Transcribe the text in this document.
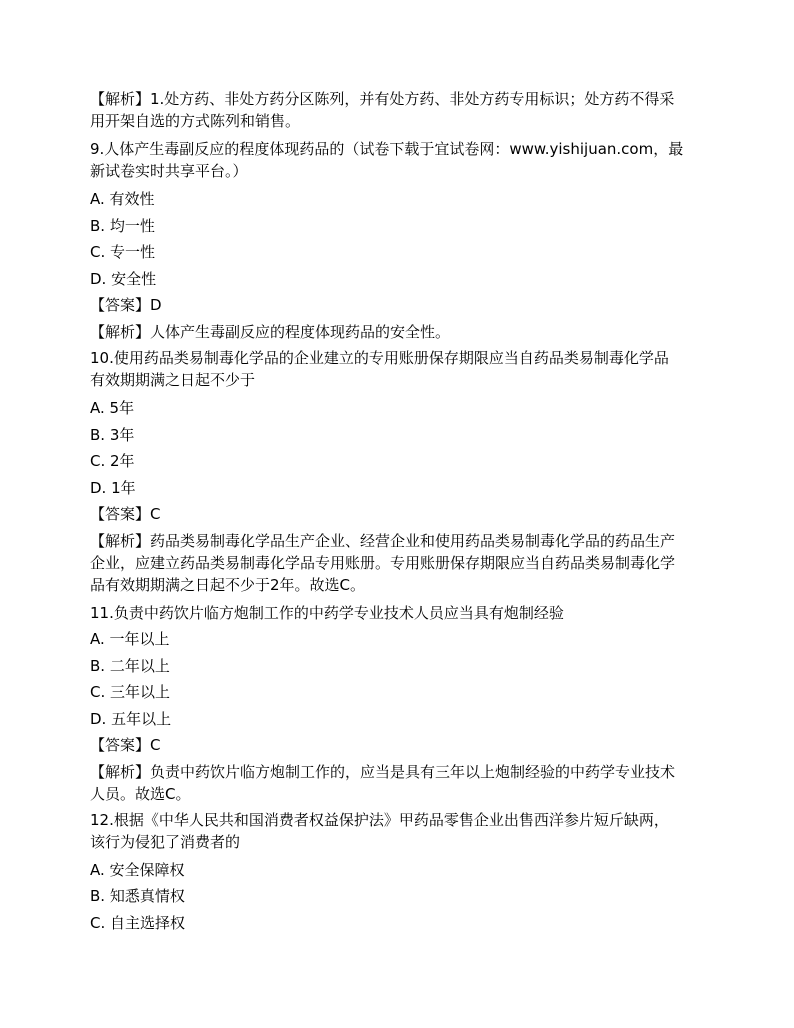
【解析】1.处方药、非处方药分区陈列，并有处方药、非处方药专用标识；处方药不得采

用开架自选的方式陈列和销售。

9.人体产生毒副反应的程度体现药品的（试卷下载于宜试卷网：www.yishijuan.com，最

新试卷实时共享平台。）

A. 有效性
B. 均一性
C. 专一性
D. 安全性
【答案】D
【解析】人体产生毒副反应的程度体现药品的安全性。

10.使用药品类易制毒化学品的企业建立的专用账册保存期限应当自药品类易制毒化学品

有效期期满之日起不少于

A. 5年
B. 3年
C. 2年
D. 1年
【答案】C

【解析】药品类易制毒化学品生产企业、经营企业和使用药品类易制毒化学品的药品生产

企业，应建立药品类易制毒化学品专用账册。专用账册保存期限应当自药品类易制毒化学

品有效期期满之日起不少于2年。故选C。

11.负责中药饮片临方炮制工作的中药学专业技术人员应当具有炮制经验
A. 一年以上
B. 二年以上
C. 三年以上
D. 五年以上
【答案】C

【解析】负责中药饮片临方炮制工作的，应当是具有三年以上炮制经验的中药学专业技术

人员。故选C。

12.根据《中华人民共和国消费者权益保护法》甲药品零售企业出售西洋参片短斤缺两，

该行为侵犯了消费者的

A. 安全保障权
B. 知悉真情权
C. 自主选择权
